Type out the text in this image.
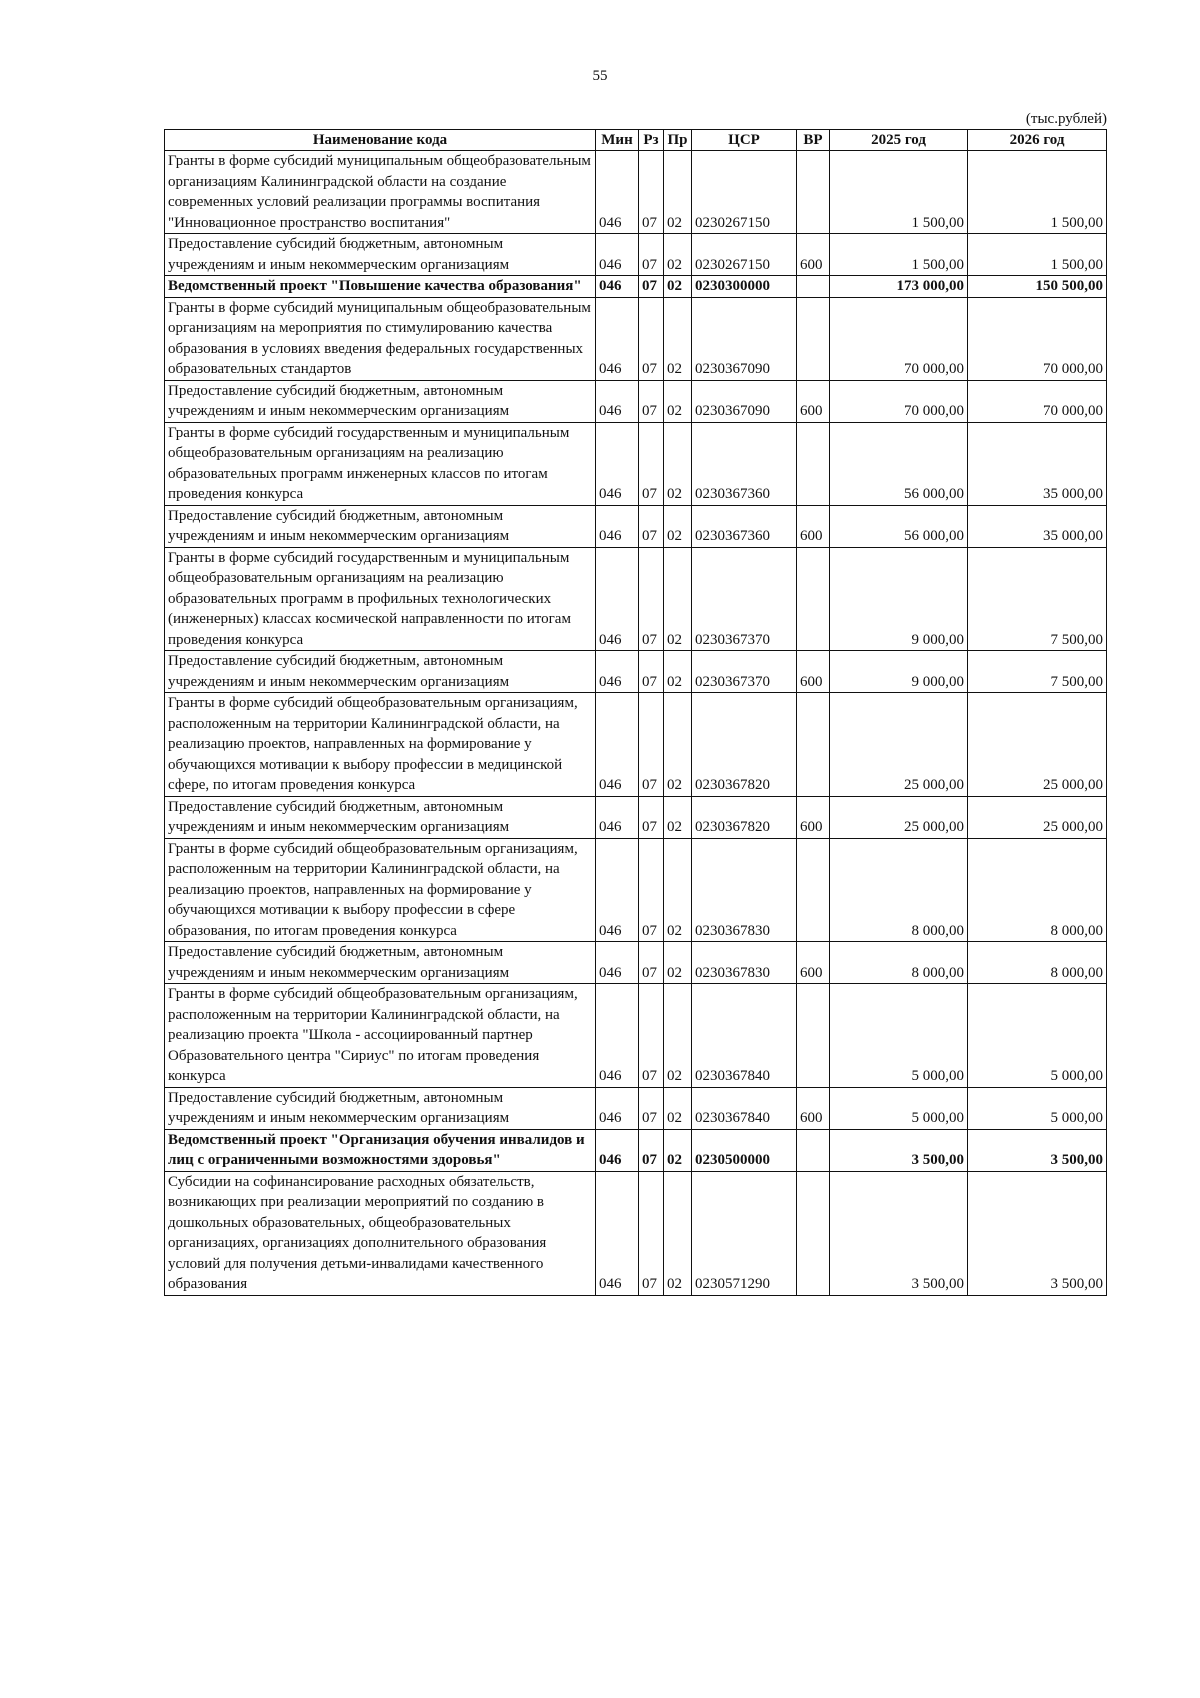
55
(тыс.рублей)
Наименование кода	Мин	Рз	Пр	ЦСР	ВР	2025 год	2026 год
Гранты в форме субсидий муниципальным общеобразовательным организациям Калининградской области на создание современных условий реализации программы воспитания "Инновационное пространство воспитания"	046	07	02	0230267150		1 500,00	1 500,00
Предоставление субсидий бюджетным, автономным учреждениям и иным некоммерческим организациям	046	07	02	0230267150	600	1 500,00	1 500,00
Ведомственный проект "Повышение качества образования"	046	07	02	0230300000		173 000,00	150 500,00
Гранты в форме субсидий муниципальным общеобразовательным организациям на мероприятия по стимулированию качества образования в условиях введения федеральных государственных образовательных стандартов	046	07	02	0230367090		70 000,00	70 000,00
Предоставление субсидий бюджетным, автономным учреждениям и иным некоммерческим организациям	046	07	02	0230367090	600	70 000,00	70 000,00
Гранты в форме субсидий государственным и муниципальным общеобразовательным организациям на реализацию образовательных программ инженерных классов по итогам проведения конкурса	046	07	02	0230367360		56 000,00	35 000,00
Предоставление субсидий бюджетным, автономным учреждениям и иным некоммерческим организациям	046	07	02	0230367360	600	56 000,00	35 000,00
Гранты в форме субсидий государственным и муниципальным общеобразовательным организациям на реализацию образовательных программ в профильных технологических (инженерных) классах космической направленности по итогам проведения конкурса	046	07	02	0230367370		9 000,00	7 500,00
Предоставление субсидий бюджетным, автономным учреждениям и иным некоммерческим организациям	046	07	02	0230367370	600	9 000,00	7 500,00
Гранты в форме субсидий общеобразовательным организациям, расположенным на территории Калининградской области, на реализацию проектов, направленных на формирование у обучающихся мотивации к выбору профессии в медицинской сфере, по итогам проведения конкурса	046	07	02	0230367820		25 000,00	25 000,00
Предоставление субсидий бюджетным, автономным учреждениям и иным некоммерческим организациям	046	07	02	0230367820	600	25 000,00	25 000,00
Гранты в форме субсидий общеобразовательным организациям, расположенным на территории Калининградской области, на реализацию проектов, направленных на формирование у обучающихся мотивации к выбору профессии в сфере образования, по итогам проведения конкурса	046	07	02	0230367830		8 000,00	8 000,00
Предоставление субсидий бюджетным, автономным учреждениям и иным некоммерческим организациям	046	07	02	0230367830	600	8 000,00	8 000,00
Гранты в форме субсидий общеобразовательным организациям, расположенным на территории Калининградской области, на реализацию проекта "Школа - ассоциированный партнер Образовательного центра "Сириус" по итогам проведения конкурса	046	07	02	0230367840		5 000,00	5 000,00
Предоставление субсидий бюджетным, автономным учреждениям и иным некоммерческим организациям	046	07	02	0230367840	600	5 000,00	5 000,00
Ведомственный проект "Организация обучения инвалидов и лиц с ограниченными возможностями здоровья"	046	07	02	0230500000		3 500,00	3 500,00
Субсидии на софинансирование расходных обязательств, возникающих при реализации мероприятий по созданию в дошкольных образовательных, общеобразовательных организациях, организациях дополнительного образования условий для получения детьми-инвалидами качественного образования	046	07	02	0230571290		3 500,00	3 500,00
